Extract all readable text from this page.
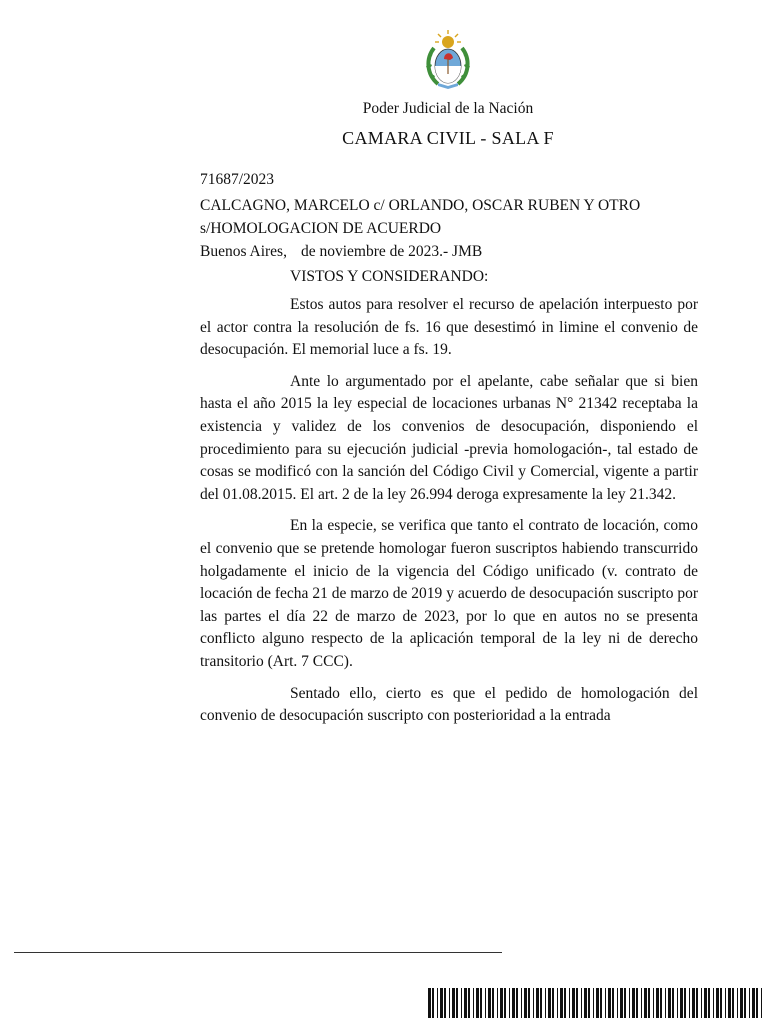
Poder Judicial de la Nación
CAMARA CIVIL - SALA F
71687/2023
CALCAGNO, MARCELO c/ ORLANDO, OSCAR RUBEN Y OTRO s/HOMOLOGACION DE ACUERDO
Buenos Aires, de noviembre de 2023.- JMB
VISTOS Y CONSIDERANDO:

Estos autos para resolver el recurso de apelación interpuesto por el actor contra la resolución de fs. 16 que desestimó in limine el convenio de desocupación. El memorial luce a fs. 19.

Ante lo argumentado por el apelante, cabe señalar que si bien hasta el año 2015 la ley especial de locaciones urbanas N° 21342 receptaba la existencia y validez de los convenios de desocupación, disponiendo el procedimiento para su ejecución judicial -previa homologación-, tal estado de cosas se modificó con la sanción del Código Civil y Comercial, vigente a partir del 01.08.2015. El art. 2 de la ley 26.994 deroga expresamente la ley 21.342.

En la especie, se verifica que tanto el contrato de locación, como el convenio que se pretende homologar fueron suscriptos habiendo transcurrido holgadamente el inicio de la vigencia del Código unificado (v. contrato de locación de fecha 21 de marzo de 2019 y acuerdo de desocupación suscripto por las partes el día 22 de marzo de 2023, por lo que en autos no se presenta conflicto alguno respecto de la aplicación temporal de la ley ni de derecho transitorio (Art. 7 CCC).

Sentado ello, cierto es que el pedido de homologación del convenio de desocupación suscripto con posterioridad a la entrada
